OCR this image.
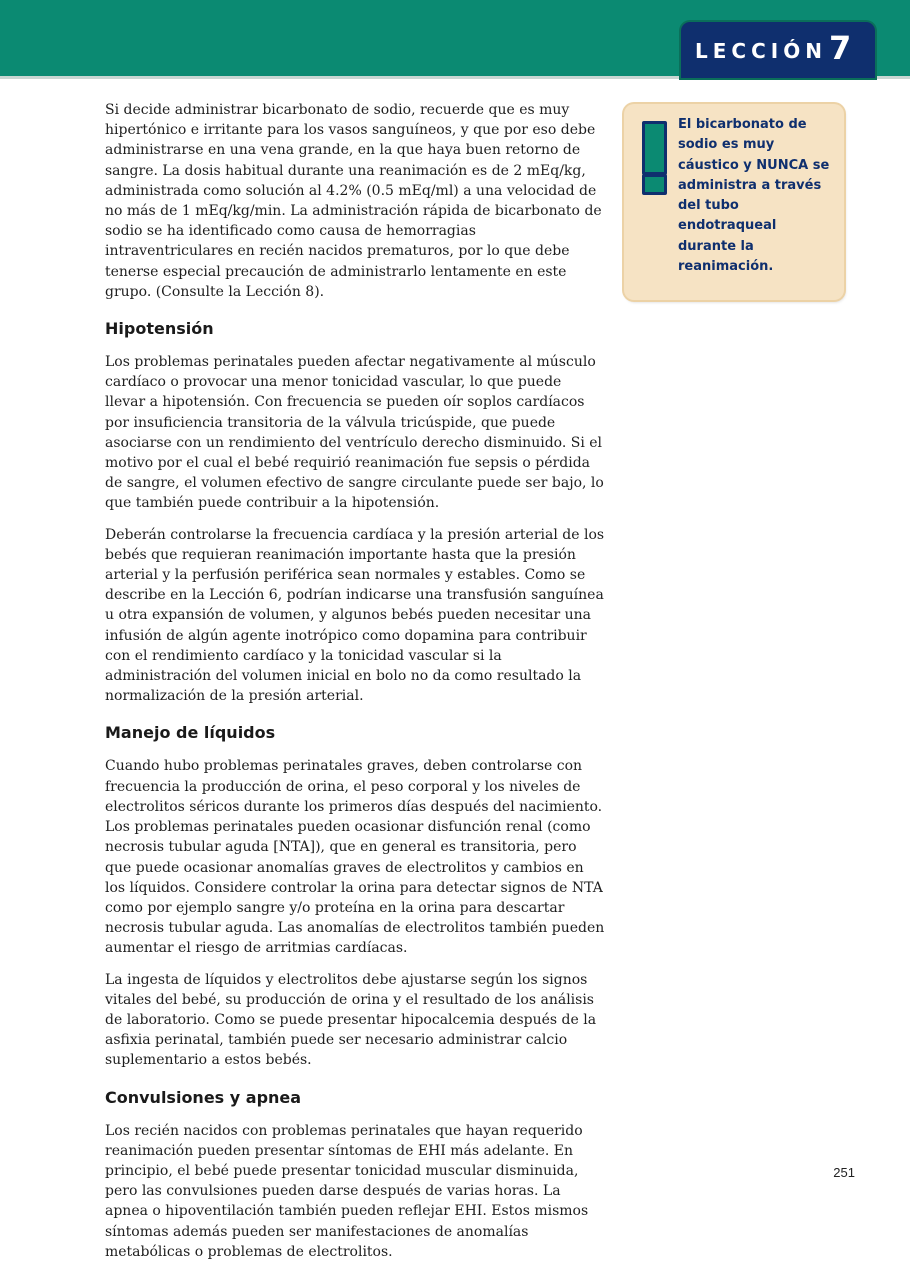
LECCIÓN 7

Si decide administrar bicarbonato de sodio, recuerde que es muy hipertónico e irritante para los vasos sanguíneos, y que por eso debe administrarse en una vena grande, en la que haya buen retorno de sangre. La dosis habitual durante una reanimación es de 2 mEq/kg, administrada como solución al 4.2% (0.5 mEq/ml) a una velocidad de no más de 1 mEq/kg/min. La administración rápida de bicarbonato de sodio se ha identificado como causa de hemorragias intraventriculares en recién nacidos prematuros, por lo que debe tenerse especial precaución de administrarlo lentamente en este grupo. (Consulte la Lección 8).

Hipotensión

Los problemas perinatales pueden afectar negativamente al músculo cardíaco o provocar una menor tonicidad vascular, lo que puede llevar a hipotensión. Con frecuencia se pueden oír soplos cardíacos por insuficiencia transitoria de la válvula tricúspide, que puede asociarse con un rendimiento del ventrículo derecho disminuido. Si el motivo por el cual el bebé requirió reanimación fue sepsis o pérdida de sangre, el volumen efectivo de sangre circulante puede ser bajo, lo que también puede contribuir a la hipotensión.

Deberán controlarse la frecuencia cardíaca y la presión arterial de los bebés que requieran reanimación importante hasta que la presión arterial y la perfusión periférica sean normales y estables. Como se describe en la Lección 6, podrían indicarse una transfusión sanguínea u otra expansión de volumen, y algunos bebés pueden necesitar una infusión de algún agente inotrópico como dopamina para contribuir con el rendimiento cardíaco y la tonicidad vascular si la administración del volumen inicial en bolo no da como resultado la normalización de la presión arterial.

Manejo de líquidos

Cuando hubo problemas perinatales graves, deben controlarse con frecuencia la producción de orina, el peso corporal y los niveles de electrolitos séricos durante los primeros días después del nacimiento. Los problemas perinatales pueden ocasionar disfunción renal (como necrosis tubular aguda [NTA]), que en general es transitoria, pero que puede ocasionar anomalías graves de electrolitos y cambios en los líquidos. Considere controlar la orina para detectar signos de NTA como por ejemplo sangre y/o proteína en la orina para descartar necrosis tubular aguda. Las anomalías de electrolitos también pueden aumentar el riesgo de arritmias cardíacas.

La ingesta de líquidos y electrolitos debe ajustarse según los signos vitales del bebé, su producción de orina y el resultado de los análisis de laboratorio. Como se puede presentar hipocalcemia después de la asfixia perinatal, también puede ser necesario administrar calcio suplementario a estos bebés.

Convulsiones y apnea

Los recién nacidos con problemas perinatales que hayan requerido reanimación pueden presentar síntomas de EHI más adelante. En principio, el bebé puede presentar tonicidad muscular disminuida, pero las convulsiones pueden darse después de varias horas. La apnea o hipoventilación también pueden reflejar EHI. Estos mismos síntomas además pueden ser manifestaciones de anomalías metabólicas o problemas de electrolitos.

El bicarbonato de sodio es muy cáustico y NUNCA se administra a través del tubo endotraqueal durante la reanimación.
251
